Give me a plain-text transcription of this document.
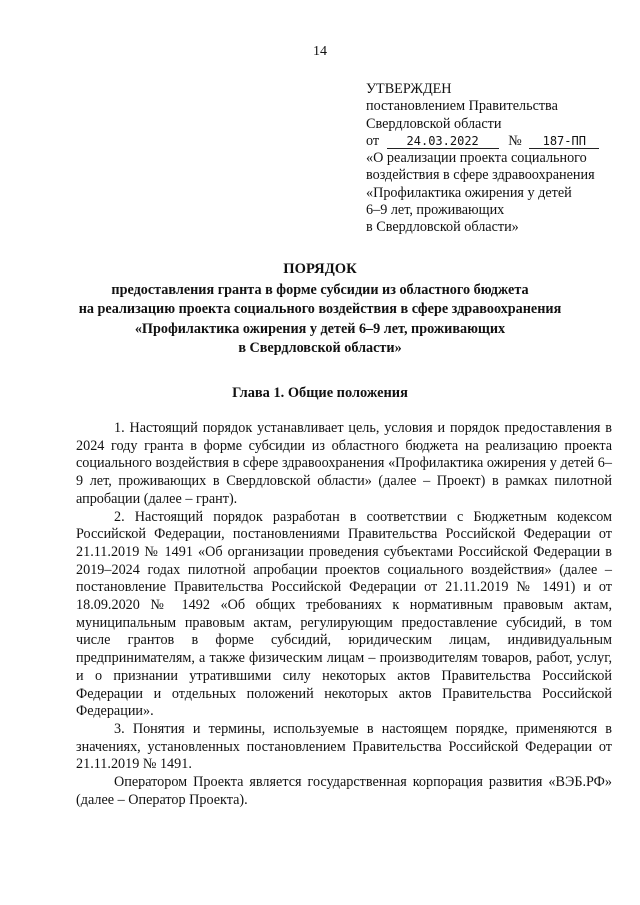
14
УТВЕРЖДЕН
постановлением Правительства
Свердловской области
от 24.03.2022 № 187-ПП
«О реализации проекта социального
воздействия в сфере здравоохранения
«Профилактика ожирения у детей
6–9 лет, проживающих
в Свердловской области»
ПОРЯДОК
предоставления гранта в форме субсидии из областного бюджета
на реализацию проекта социального воздействия в сфере здравоохранения
«Профилактика ожирения у детей 6–9 лет, проживающих
в Свердловской области»
Глава 1. Общие положения

1. Настоящий порядок устанавливает цель, условия и порядок предоставления в 2024 году гранта в форме субсидии из областного бюджета на реализацию проекта социального воздействия в сфере здравоохранения «Профилактика ожирения у детей 6–9 лет, проживающих в Свердловской области» (далее – Проект) в рамках пилотной апробации (далее – грант).

2. Настоящий порядок разработан в соответствии с Бюджетным кодексом Российской Федерации, постановлениями Правительства Российской Федерации от 21.11.2019 № 1491 «Об организации проведения субъектами Российской Федерации в 2019–2024 годах пилотной апробации проектов социального воздействия» (далее – постановление Правительства Российской Федерации от 21.11.2019 № 1491) и от 18.09.2020 № 1492 «Об общих требованиях к нормативным правовым актам, муниципальным правовым актам, регулирующим предоставление субсидий, в том числе грантов в форме субсидий, юридическим лицам, индивидуальным предпринимателям, а также физическим лицам – производителям товаров, работ, услуг, и о признании утратившими силу некоторых актов Правительства Российской Федерации и отдельных положений некоторых актов Правительства Российской Федерации».

3. Понятия и термины, используемые в настоящем порядке, применяются в значениях, установленных постановлением Правительства Российской Федерации от 21.11.2019 № 1491.

Оператором Проекта является государственная корпорация развития «ВЭБ.РФ» (далее – Оператор Проекта).
